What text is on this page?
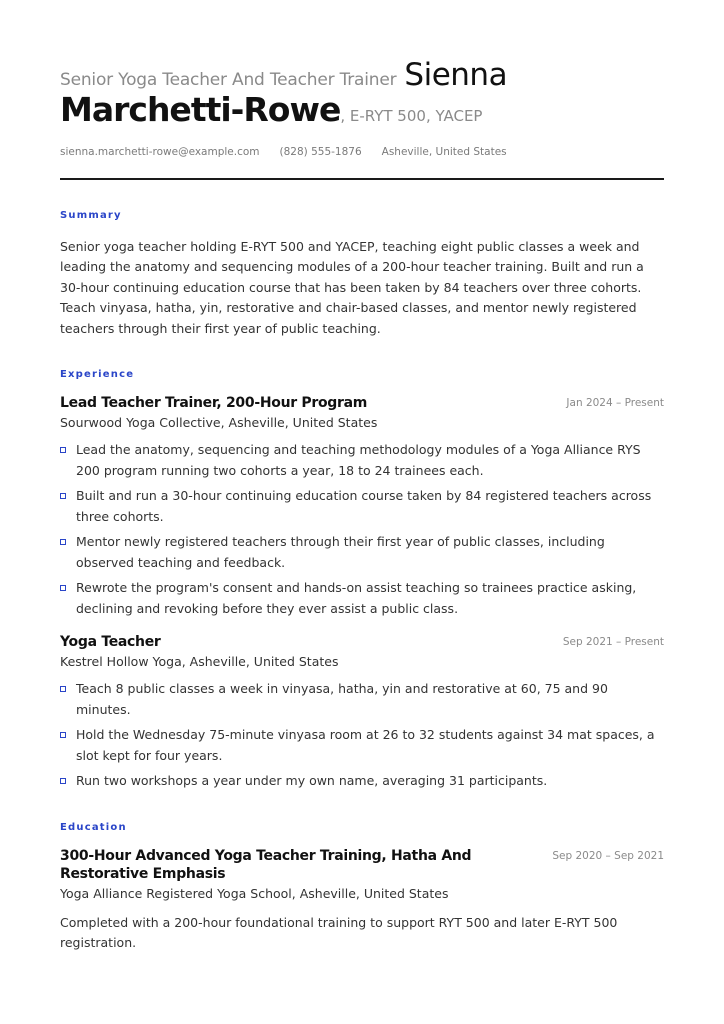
Senior Yoga Teacher And Teacher Trainer Sienna
Marchetti-Rowe, E-RYT 500, YACEP
sienna.marchetti-rowe@example.com (828) 555-1876 Asheville, United States
Summary
Senior yoga teacher holding E-RYT 500 and YACEP, teaching eight public classes a week and leading the anatomy and sequencing modules of a 200-hour teacher training. Built and run a 30-hour continuing education course that has been taken by 84 teachers over three cohorts. Teach vinyasa, hatha, yin, restorative and chair-based classes, and mentor newly registered teachers through their first year of public teaching.
Experience
Lead Teacher Trainer, 200-Hour Program	Jan 2024 – Present
Sourwood Yoga Collective, Asheville, United States
Lead the anatomy, sequencing and teaching methodology modules of a Yoga Alliance RYS 200 program running two cohorts a year, 18 to 24 trainees each.
Built and run a 30-hour continuing education course taken by 84 registered teachers across three cohorts.
Mentor newly registered teachers through their first year of public classes, including observed teaching and feedback.
Rewrote the program's consent and hands-on assist teaching so trainees practice asking, declining and revoking before they ever assist a public class.
Yoga Teacher	Sep 2021 – Present
Kestrel Hollow Yoga, Asheville, United States
Teach 8 public classes a week in vinyasa, hatha, yin and restorative at 60, 75 and 90 minutes.
Hold the Wednesday 75-minute vinyasa room at 26 to 32 students against 34 mat spaces, a slot kept for four years.
Run two workshops a year under my own name, averaging 31 participants.
Education
300-Hour Advanced Yoga Teacher Training, Hatha And Restorative Emphasis
Sep 2020 – Sep 2021
Yoga Alliance Registered Yoga School, Asheville, United States
Completed with a 200-hour foundational training to support RYT 500 and later E-RYT 500 registration.
